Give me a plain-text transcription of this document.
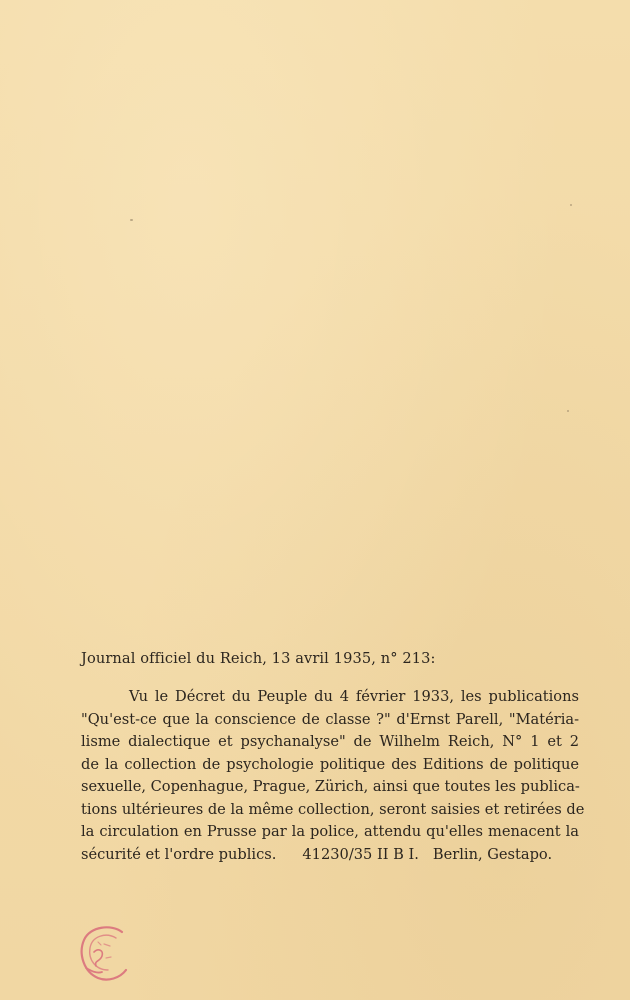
Journal officiel du Reich, 13 avril 1935, n° 213:

Vu le Décret du Peuple du 4 février 1933, les publications
"Qu'est-ce que la conscience de classe ?" d'Ernst Parell, "Matéria-
lisme dialectique et psychanalyse" de Wilhelm Reich, N° 1 et 2
de la collection de psychologie politique des Editions de politique
sexuelle, Copenhague, Prague, Zürich, ainsi que toutes les publica-
tions ultérieures de la même collection, seront saisies et retirées de
la circulation en Prusse par la police, attendu qu'elles menacent la
sécurité et l'ordre publics. 41230/35 II B I. Berlin, Gestapo.
